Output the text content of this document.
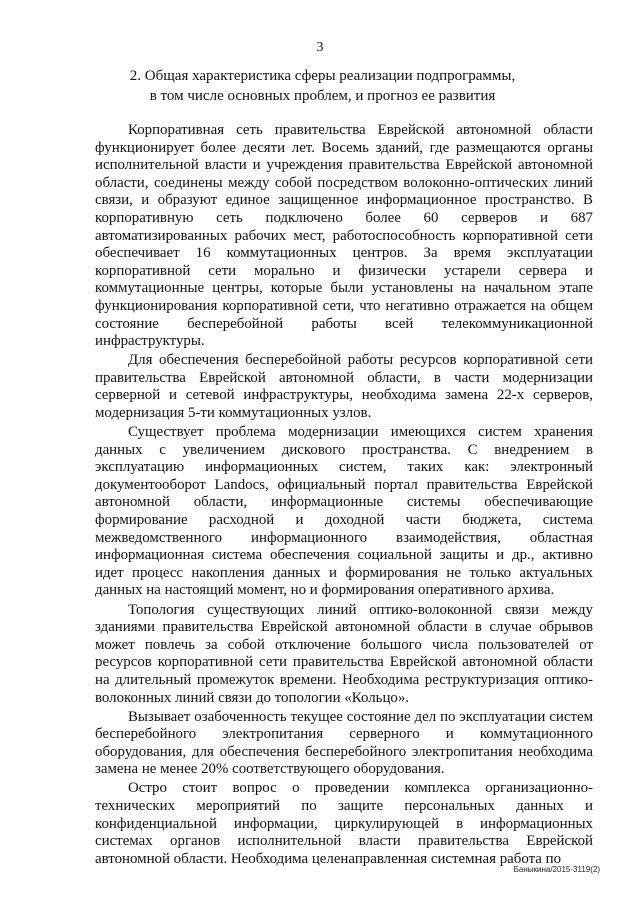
3
2. Общая характеристика сферы реализации подпрограммы,
в том числе основных проблем, и прогноз ее развития

Корпоративная сеть правительства Еврейской автономной области функционирует более десяти лет. Восемь зданий, где размещаются органы исполнительной власти и учреждения правительства Еврейской автономной области, соединены между собой посредством волоконно-оптических линий связи, и образуют единое защищенное информационное пространство. В корпоративную сеть подключено более 60 серверов и 687 автоматизированных рабочих мест, работоспособность корпоративной сети обеспечивает 16 коммутационных центров. За время эксплуатации корпоративной сети морально и физически устарели сервера и коммутационные центры, которые были установлены на начальном этапе функционирования корпоративной сети, что негативно отражается на общем состояние бесперебойной работы всей телекоммуникационной инфраструктуры.

Для обеспечения бесперебойной работы ресурсов корпоративной сети правительства Еврейской автономной области, в части модернизации серверной и сетевой инфраструктуры, необходима замена 22-х серверов, модернизация 5-ти коммутационных узлов.

Существует проблема модернизации имеющихся систем хранения данных с увеличением дискового пространства. С внедрением в эксплуатацию информационных систем, таких как: электронный документооборот Landocs, официальный портал правительства Еврейской автономной области, информационные системы обеспечивающие формирование расходной и доходной части бюджета, система межведомственного информационного взаимодействия, областная информационная система обеспечения социальной защиты и др., активно идет процесс накопления данных и формирования не только актуальных данных на настоящий момент, но и формирования оперативного архива.

Топология существующих линий оптико-волоконной связи между зданиями правительства Еврейской автономной области в случае обрывов может повлечь за собой отключение большого числа пользователей от ресурсов корпоративной сети правительства Еврейской автономной области на длительный промежуток времени. Необходима реструктуризация оптико-волоконных линий связи до топологии «Кольцо».

Вызывает озабоченность текущее состояние дел по эксплуатации систем бесперебойного электропитания серверного и коммутационного оборудования, для обеспечения бесперебойного электропитания необходима замена не менее 20% соответствующего оборудования.

Остро стоит вопрос о проведении комплекса организационно-технических мероприятий по защите персональных данных и конфиденциальной информации, циркулирующей в информационных системах органов исполнительной власти правительства Еврейской автономной области. Необходима целенаправленная системная работа по

Баныкина/2015-3119(2)
